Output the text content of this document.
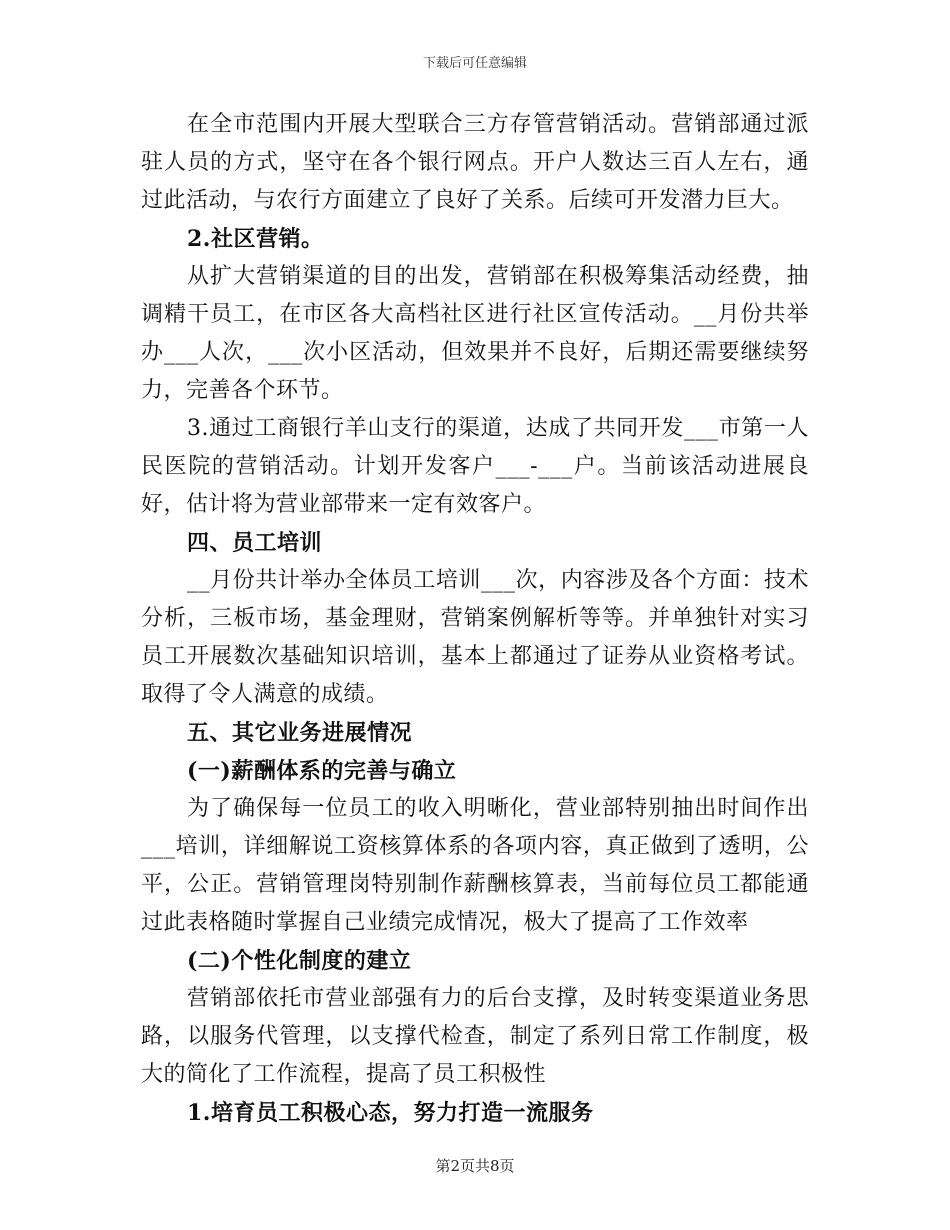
下载后可任意编辑

在全市范围内开展大型联合三方存管营销活动。营销部通过派驻人员的方式，坚守在各个银行网点。开户人数达三百人左右，通过此活动，与农行方面建立了良好了关系。后续可开发潜力巨大。

2.社区营销。

从扩大营销渠道的目的出发，营销部在积极筹集活动经费，抽调精干员工，在市区各大高档社区进行社区宣传活动。__月份共举办___人次，___次小区活动，但效果并不良好，后期还需要继续努力，完善各个环节。

3.通过工商银行羊山支行的渠道，达成了共同开发___市第一人民医院的营销活动。计划开发客户___-___户。当前该活动进展良好，估计将为营业部带来一定有效客户。

四、员工培训

__月份共计举办全体员工培训___次，内容涉及各个方面：技术分析，三板市场，基金理财，营销案例解析等等。并单独针对实习员工开展数次基础知识培训，基本上都通过了证券从业资格考试。取得了令人满意的成绩。

五、其它业务进展情况

(一)薪酬体系的完善与确立

为了确保每一位员工的收入明晰化，营业部特别抽出时间作出___培训，详细解说工资核算体系的各项内容，真正做到了透明，公平，公正。营销管理岗特别制作薪酬核算表，当前每位员工都能通过此表格随时掌握自己业绩完成情况，极大了提高了工作效率

(二)个性化制度的建立

营销部依托市营业部强有力的后台支撑，及时转变渠道业务思路，以服务代管理，以支撑代检查，制定了系列日常工作制度，极大的简化了工作流程，提高了员工积极性

1.培育员工积极心态，努力打造一流服务

第2页共8页
